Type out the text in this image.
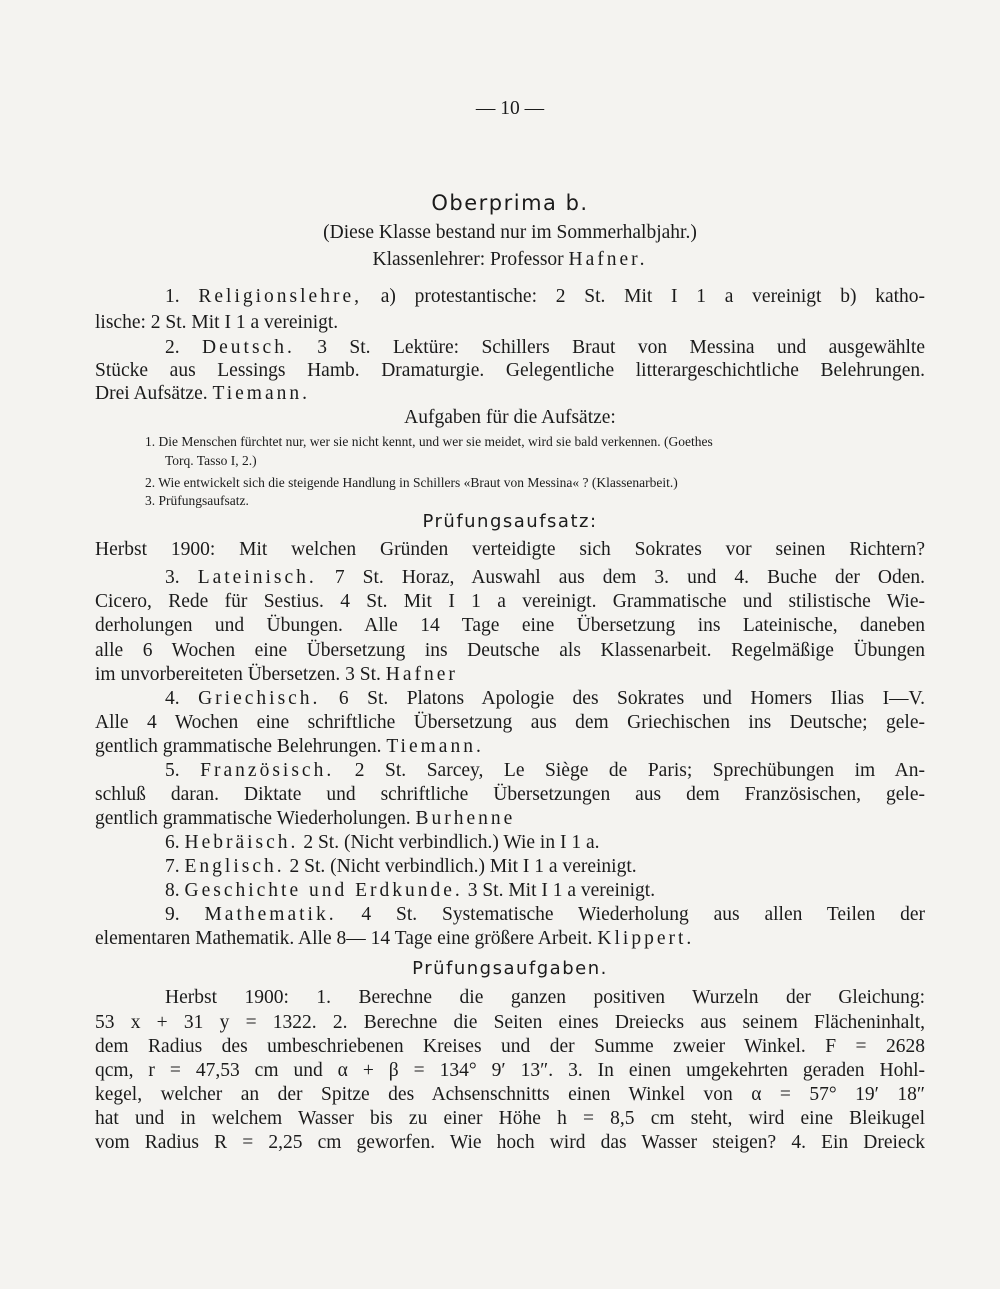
— 10 —
Oberprima b.
(Diese Klasse bestand nur im Sommerhalbjahr.)
Klassenlehrer: Professor Hafner.
1. Religionslehre, a) protestantische: 2 St. Mit I 1 a vereinigt b) katho-
lische: 2 St. Mit I 1 a vereinigt.
2. Deutsch. 3 St. Lektüre: Schillers Braut von Messina und ausgewählte
Stücke aus Lessings Hamb. Dramaturgie. Gelegentliche litterargeschichtliche Belehrungen.
Drei Aufsätze. Tiemann.
Aufgaben für die Aufsätze:
1. Die Menschen fürchtet nur, wer sie nicht kennt, und wer sie meidet, wird sie bald verkennen. (Goethes
Torq. Tasso I, 2.)
2. Wie entwickelt sich die steigende Handlung in Schillers «Braut von Messina« ? (Klassenarbeit.)
3. Prüfungsaufsatz.
Prüfungsaufsatz:
Herbst 1900: Mit welchen Gründen verteidigte sich Sokrates vor seinen Richtern?
3. Lateinisch. 7 St. Horaz, Auswahl aus dem 3. und 4. Buche der Oden.
Cicero, Rede für Sestius. 4 St. Mit I 1 a vereinigt. Grammatische und stilistische Wie-
derholungen und Übungen. Alle 14 Tage eine Übersetzung ins Lateinische, daneben
alle 6 Wochen eine Übersetzung ins Deutsche als Klassenarbeit. Regelmäßige Übungen
im unvorbereiteten Übersetzen. 3 St. Hafner
4. Griechisch. 6 St. Platons Apologie des Sokrates und Homers Ilias I—V.
Alle 4 Wochen eine schriftliche Übersetzung aus dem Griechischen ins Deutsche; gele-
gentlich grammatische Belehrungen. Tiemann.
5. Französisch. 2 St. Sarcey, Le Siège de Paris; Sprechübungen im An-
schluß daran. Diktate und schriftliche Übersetzungen aus dem Französischen, gele-
gentlich grammatische Wiederholungen. Burhenne
6. Hebräisch. 2 St. (Nicht verbindlich.) Wie in I 1 a.
7. Englisch. 2 St. (Nicht verbindlich.) Mit I 1 a vereinigt.
8. Geschichte und Erdkunde. 3 St. Mit I 1 a vereinigt.
9. Mathematik. 4 St. Systematische Wiederholung aus allen Teilen der
elementaren Mathematik. Alle 8— 14 Tage eine größere Arbeit. Klippert.
Prüfungsaufgaben.
Herbst 1900: 1. Berechne die ganzen positiven Wurzeln der Gleichung:
53 x + 31 y = 1322. 2. Berechne die Seiten eines Dreiecks aus seinem Flächeninhalt,
dem Radius des umbeschriebenen Kreises und der Summe zweier Winkel. F = 2628
qcm, r = 47,53 cm und α + β = 134° 9′ 13″. 3. In einen umgekehrten geraden Hohl-
kegel, welcher an der Spitze des Achsenschnitts einen Winkel von α = 57° 19′ 18″
hat und in welchem Wasser bis zu einer Höhe h = 8,5 cm steht, wird eine Bleikugel
vom Radius R = 2,25 cm geworfen. Wie hoch wird das Wasser steigen? 4. Ein Dreieck
